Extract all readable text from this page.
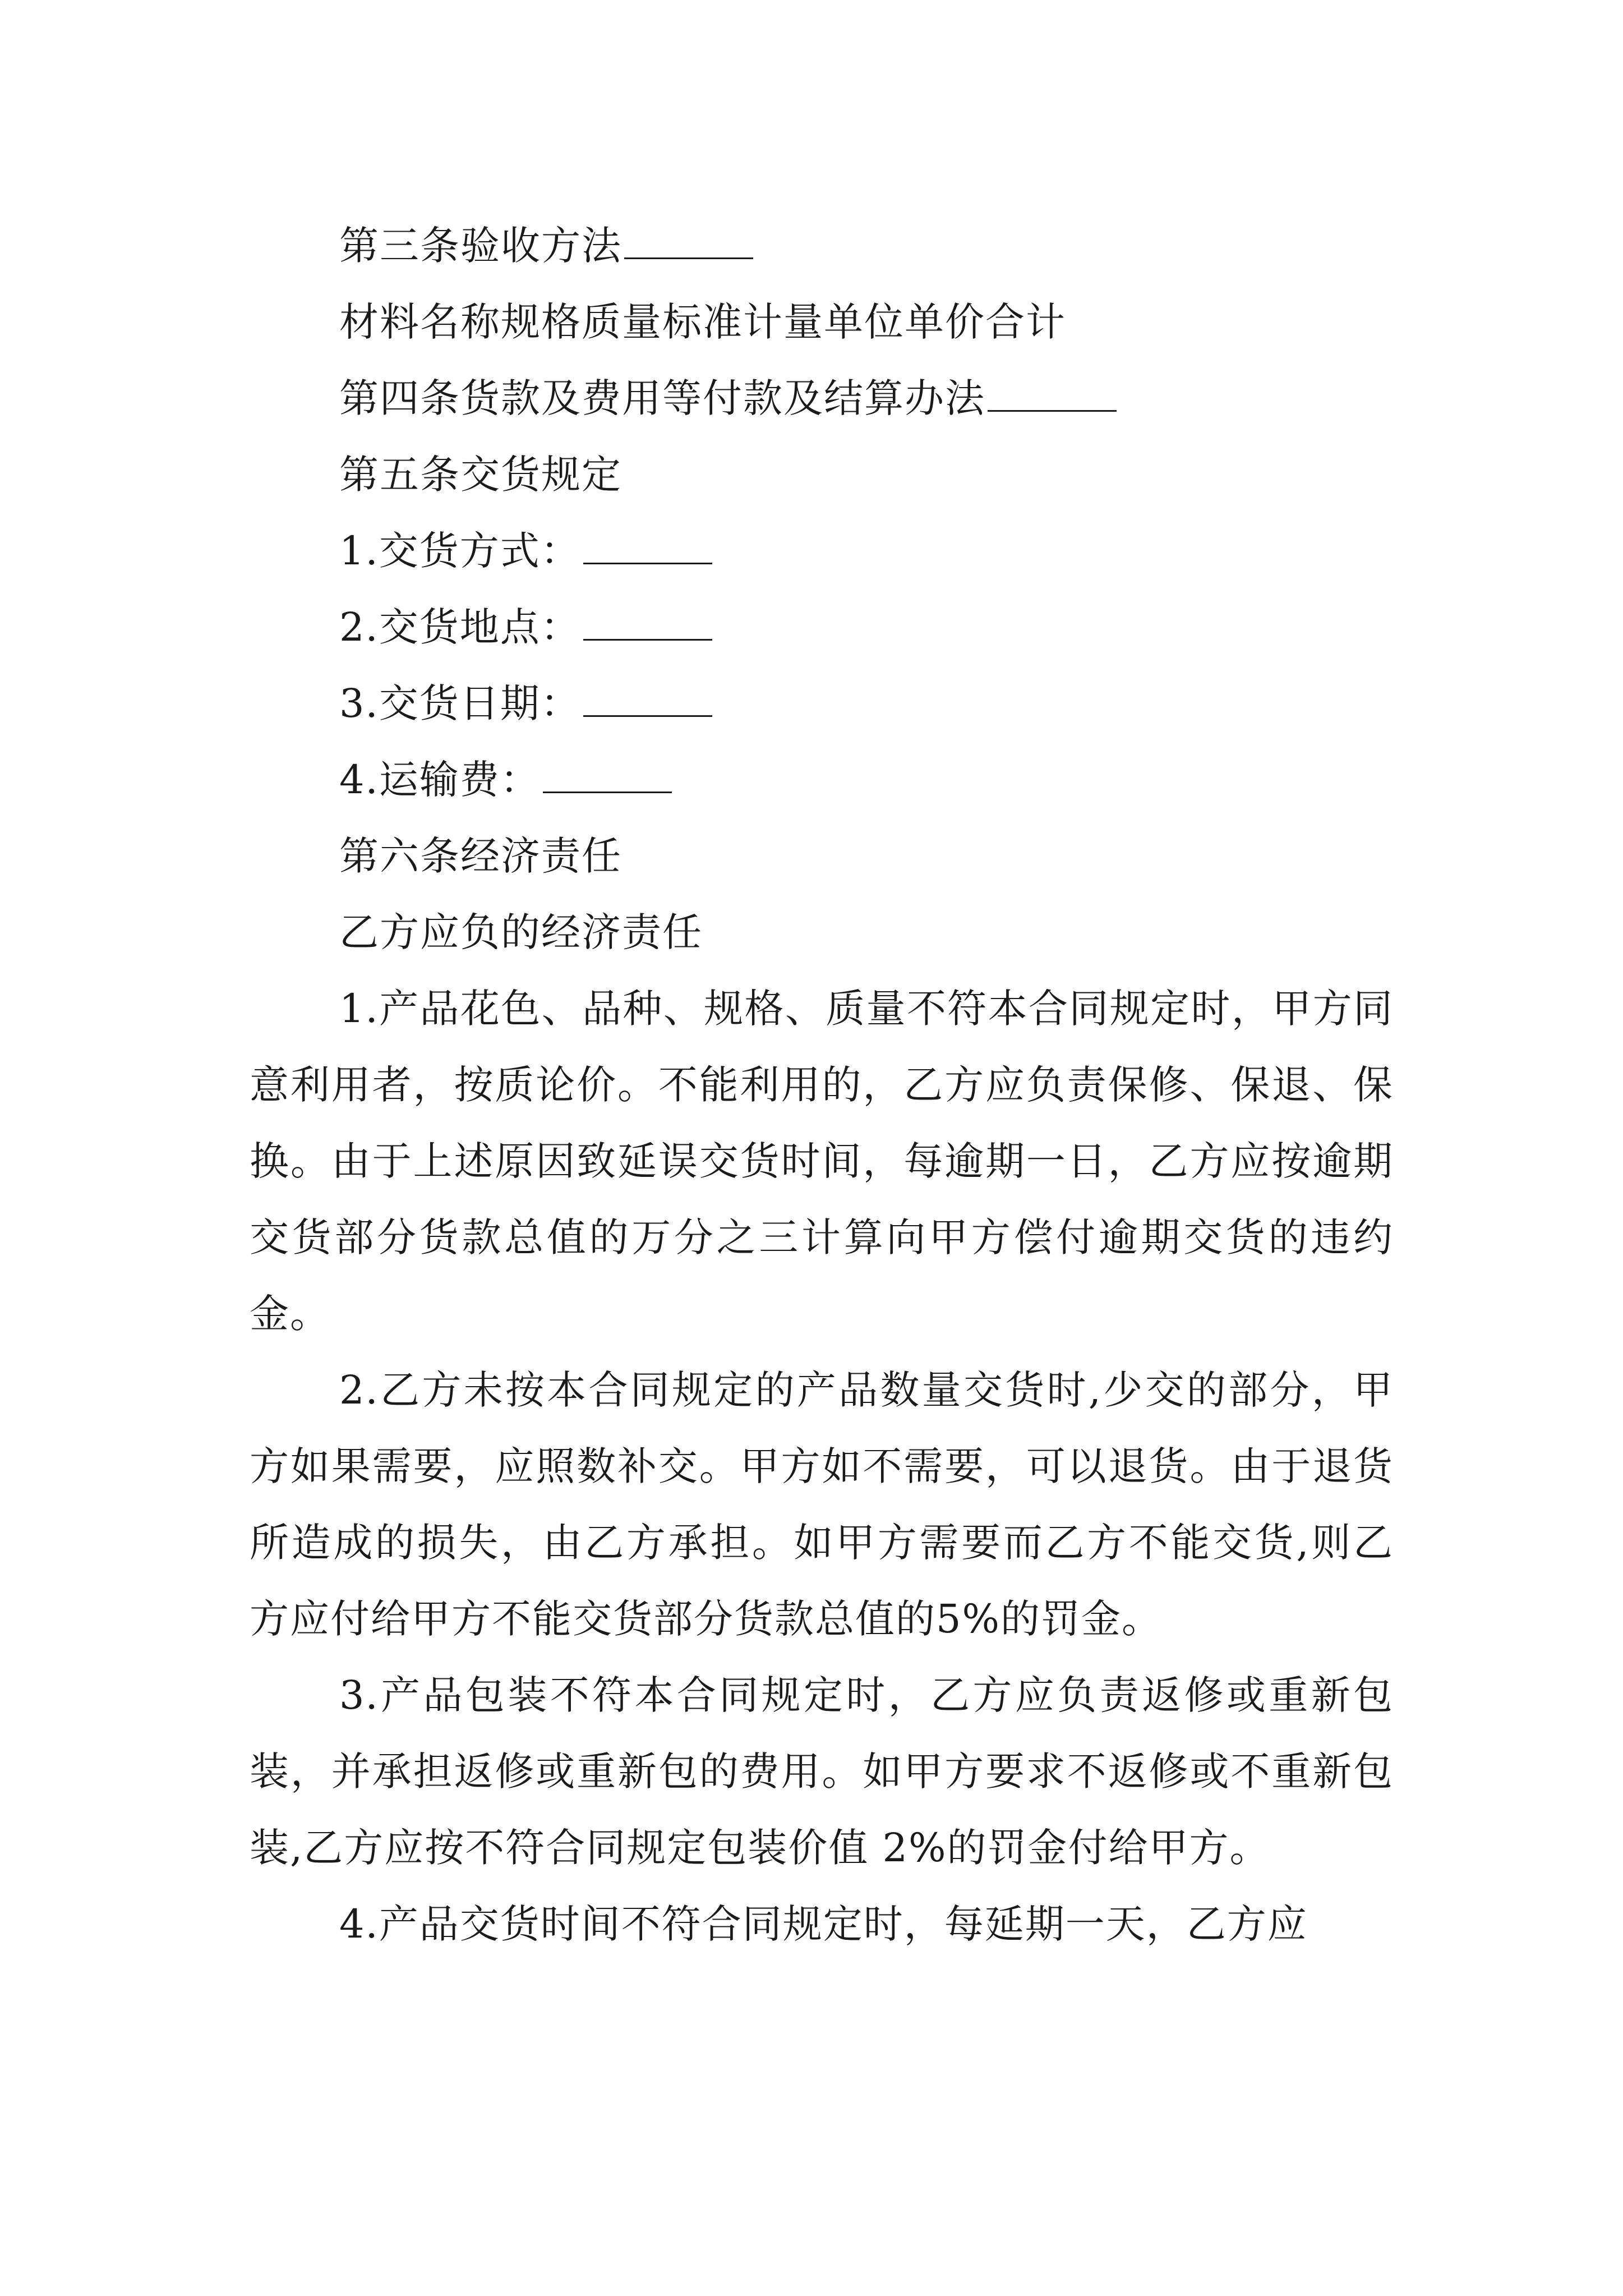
第三条验收方法
材料名称规格质量标准计量单位单价合计
第四条货款及费用等付款及结算办法
第五条交货规定
1.交货方式：
2.交货地点：
3.交货日期：
4.运输费：
第六条经济责任
乙方应负的经济责任

1.产品花色、品种、规格、质量不符本合同规定时，甲方同意利用者，按质论价。不能利用的，乙方应负责保修、保退、保换。由于上述原因致延误交货时间，每逾期一日，乙方应按逾期交货部分货款总值的万分之三计算向甲方偿付逾期交货的违约金。

2.乙方未按本合同规定的产品数量交货时,少交的部分，甲方如果需要，应照数补交。甲方如不需要，可以退货。由于退货所造成的损失，由乙方承担。如甲方需要而乙方不能交货,则乙方应付给甲方不能交货部分货款总值的5%的罚金。

3.产品包装不符本合同规定时，乙方应负责返修或重新包装，并承担返修或重新包的费用。如甲方要求不返修或不重新包装,乙方应按不符合同规定包装价值 2%的罚金付给甲方。

4.产品交货时间不符合同规定时，每延期一天，乙方应
